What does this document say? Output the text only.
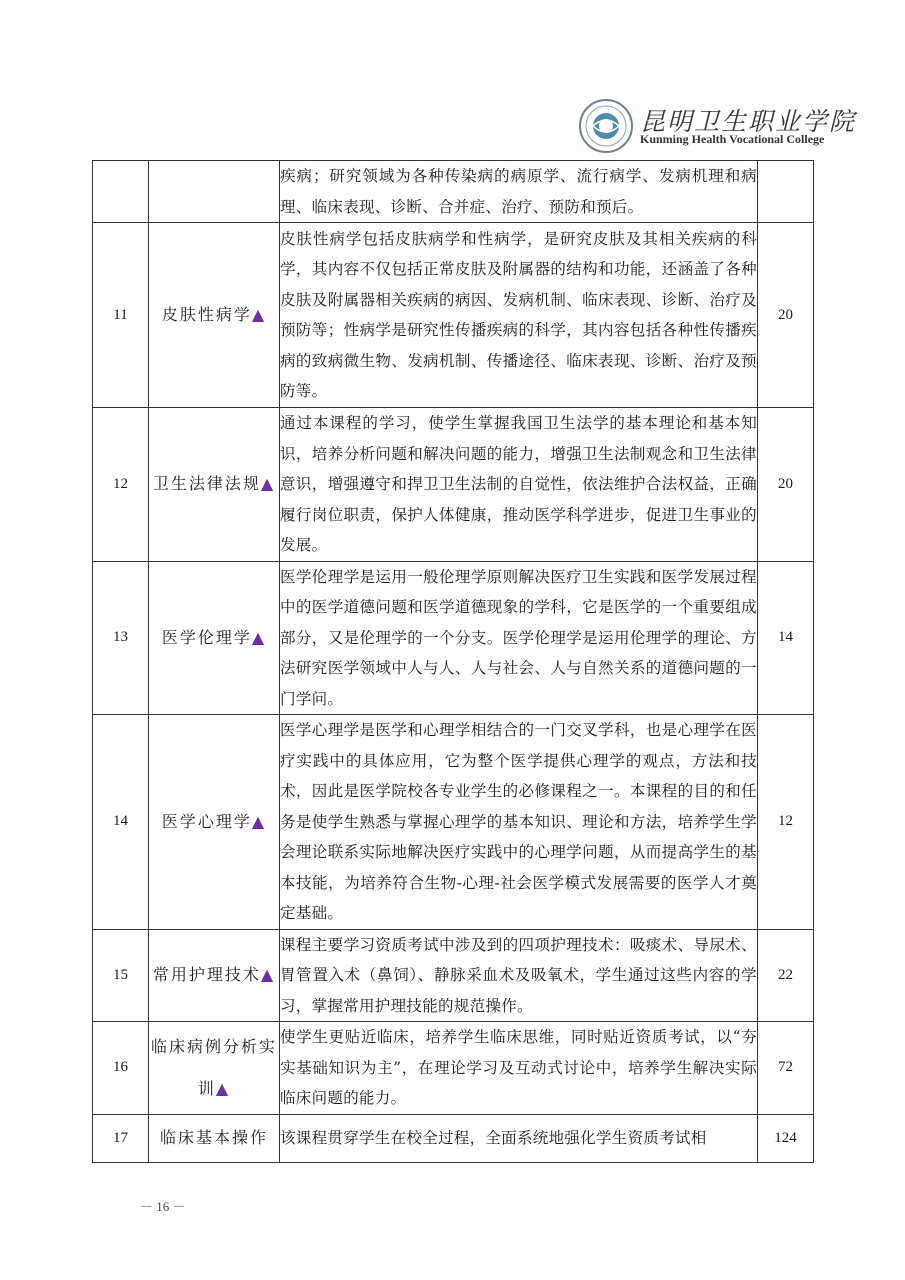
昆明卫生职业学院
Kunming Health Vocational College
		疾病；研究领域为各种传染病的病原学、流行病学、发病机理和病理、临床表现、诊断、合并症、治疗、预防和预后。	
11	皮肤性病学▲	皮肤性病学包括皮肤病学和性病学，是研究皮肤及其相关疾病的科学，其内容不仅包括正常皮肤及附属器的结构和功能，还涵盖了各种皮肤及附属器相关疾病的病因、发病机制、临床表现、诊断、治疗及预防等；性病学是研究性传播疾病的科学，其内容包括各种性传播疾病的致病微生物、发病机制、传播途径、临床表现、诊断、治疗及预防等。	20
12	卫生法律法规▲	通过本课程的学习，使学生掌握我国卫生法学的基本理论和基本知识，培养分析问题和解决问题的能力，增强卫生法制观念和卫生法律意识，增强遵守和捍卫卫生法制的自觉性，依法维护合法权益，正确履行岗位职责，保护人体健康，推动医学科学进步，促进卫生事业的发展。	20
13	医学伦理学▲	医学伦理学是运用一般伦理学原则解决医疗卫生实践和医学发展过程中的医学道德问题和医学道德现象的学科，它是医学的一个重要组成部分，又是伦理学的一个分支。医学伦理学是运用伦理学的理论、方法研究医学领域中人与人、人与社会、人与自然关系的道德问题的一门学问。	14
14	医学心理学▲	医学心理学是医学和心理学相结合的一门交叉学科，也是心理学在医疗实践中的具体应用，它为整个医学提供心理学的观点，方法和技术，因此是医学院校各专业学生的必修课程之一。本课程的目的和任务是使学生熟悉与掌握心理学的基本知识、理论和方法，培养学生学会理论联系实际地解决医疗实践中的心理学问题，从而提高学生的基本技能，为培养符合生物-心理-社会医学模式发展需要的医学人才奠定基础。	12
15	常用护理技术▲	课程主要学习资质考试中涉及到的四项护理技术：吸痰术、导尿术、胃管置入术（鼻饲）、静脉采血术及吸氧术，学生通过这些内容的学习，掌握常用护理技能的规范操作。	22
16	临床病例分析实训▲	使学生更贴近临床，培养学生临床思维，同时贴近资质考试，以“夯实基础知识为主”，在理论学习及互动式讨论中，培养学生解决实际临床问题的能力。	72
17	临床基本操作	该课程贯穿学生在校全过程，全面系统地强化学生资质考试相	124
－ 16 －
